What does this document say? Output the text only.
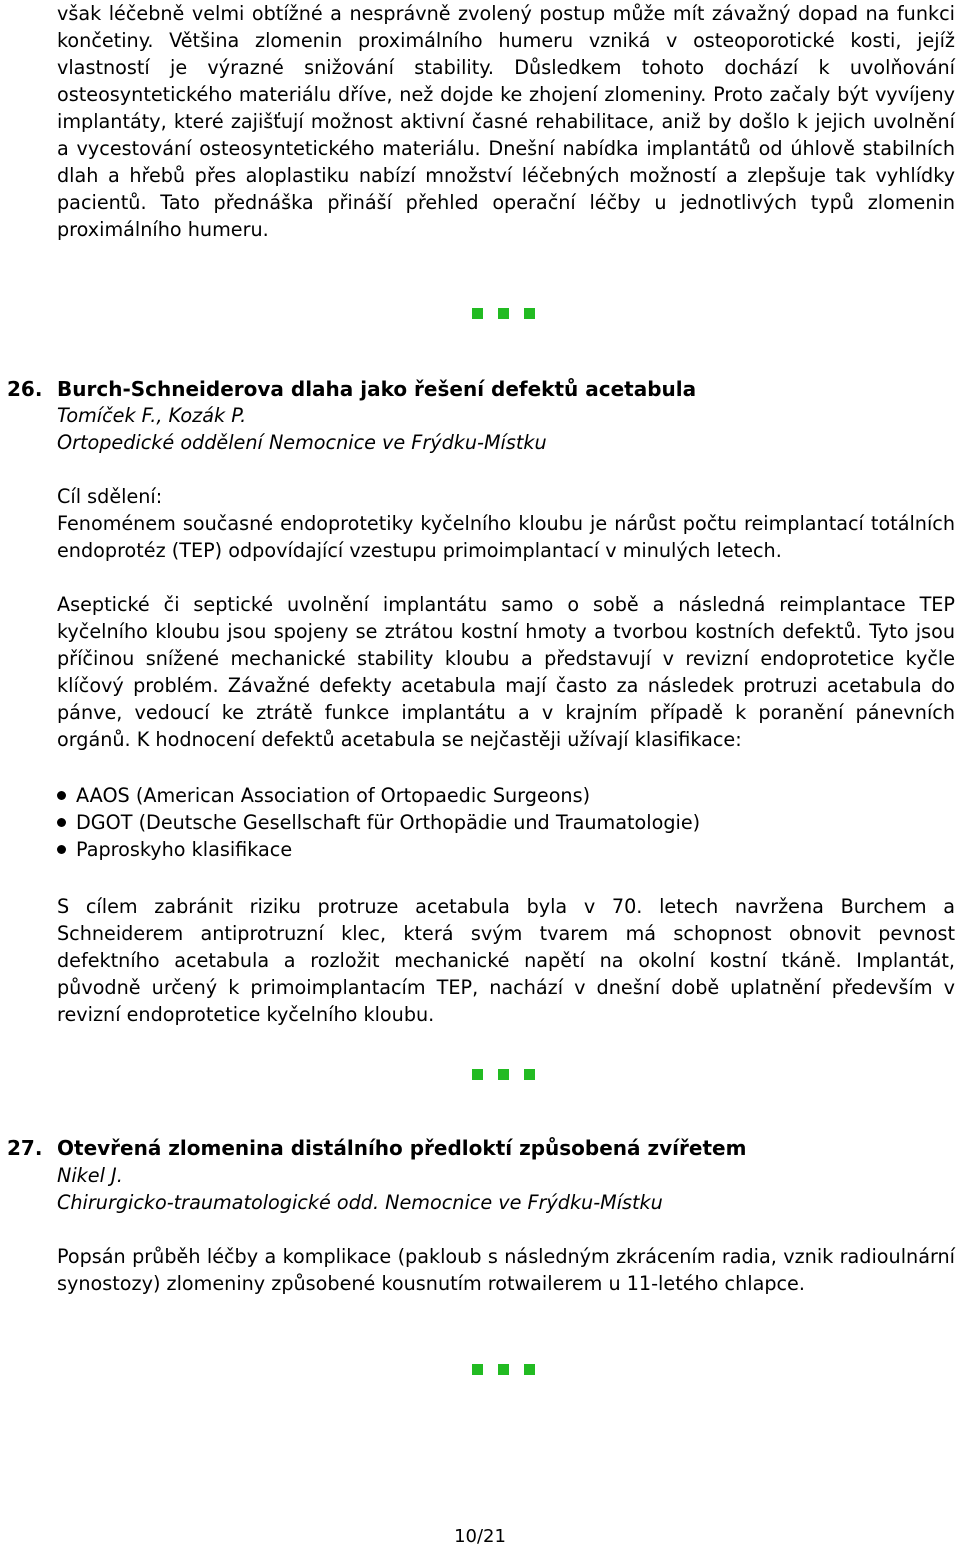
však léčebně velmi obtížné a nesprávně zvolený postup může mít závažný dopad na funkci končetiny. Většina zlomenin proximálního humeru vzniká v osteoporotické kosti, jejíž vlastností je výrazné snižování stability. Důsledkem tohoto dochází k uvolňování osteosyntetického materiálu dříve, než dojde ke zhojení zlomeniny. Proto začaly být vyvíjeny implantáty, které zajišťují možnost aktivní časné rehabilitace, aniž by došlo k jejich uvolnění a vycestování osteosyntetického materiálu. Dnešní nabídka implantátů od úhlově stabilních dlah a hřebů přes aloplastiku nabízí množství léčebných možností a zlepšuje tak vyhlídky pacientů. Tato přednáška přináší přehled operační léčby u jednotlivých typů zlomenin proximálního humeru.

26. Burch-Schneiderova dlaha jako řešení defektů acetabula
Tomíček F., Kozák P.
Ortopedické oddělení Nemocnice ve Frýdku-Místku
Cíl sdělení:

Fenoménem současné endoprotetiky kyčelního kloubu je nárůst počtu reimplantací totálních endoprotéz (TEP) odpovídající vzestupu primoimplantací v minulých letech.

Aseptické či septické uvolnění implantátu samo o sobě a následná reimplantace TEP kyčelního kloubu jsou spojeny se ztrátou kostní hmoty a tvorbou kostních defektů. Tyto jsou příčinou snížené mechanické stability kloubu a představují v revizní endoprotetice kyčle klíčový problém. Závažné defekty acetabula mají často za následek protruzi acetabula do pánve, vedoucí ke ztrátě funkce implantátu a v krajním případě k poranění pánevních orgánů. K hodnocení defektů acetabula se nejčastěji užívají klasifikace:

AAOS (American Association of Ortopaedic Surgeons)
DGOT (Deutsche Gesellschaft für Orthopädie und Traumatologie)
Paproskyho klasifikace

S cílem zabránit riziku protruze acetabula byla v 70. letech navržena Burchem a Schneiderem antiprotruzní klec, která svým tvarem má schopnost obnovit pevnost defektního acetabula a rozložit mechanické napětí na okolní kostní tkáně. Implantát, původně určený k primoimplantacím TEP, nachází v dnešní době uplatnění především v revizní endoprotetice kyčelního kloubu.

27. Otevřená zlomenina distálního předloktí způsobená zvířetem
Nikel J.
Chirurgicko-traumatologické odd. Nemocnice ve Frýdku-Místku

Popsán průběh léčby a komplikace (pakloub s následným zkrácením radia, vznik radioulnární synostozy) zlomeniny způsobené kousnutím rotwailerem u 11-letého chlapce.

10/21
